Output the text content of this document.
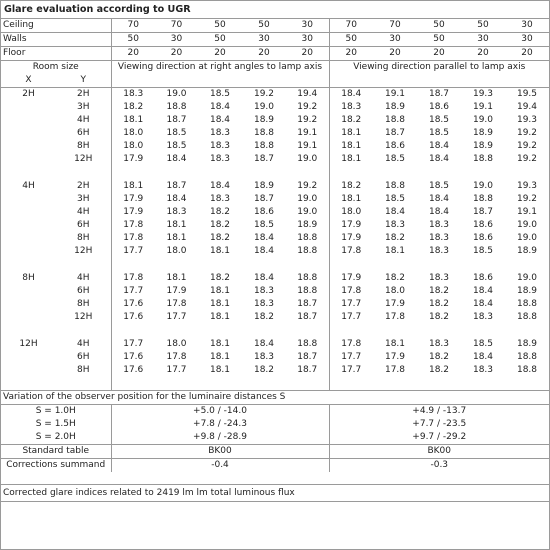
Glare evaluation according to UGR
Ceiling		70	70	50	50	30	70	70	50	50	30
Walls		50	30	50	30	30	50	30	50	30	30
Floor		20	20	20	20	20	20	20	20	20	20
Room size		Viewing direction at right angles to lamp axis					Viewing direction parallel to lamp axis				
X	Y										
2H	2H	18.3	19.0	18.5	19.2	19.4	18.4	19.1	18.7	19.3	19.5
	3H	18.2	18.8	18.4	19.0	19.2	18.3	18.9	18.6	19.1	19.4
	4H	18.1	18.7	18.4	18.9	19.2	18.2	18.8	18.5	19.0	19.3
	6H	18.0	18.5	18.3	18.8	19.1	18.1	18.7	18.5	18.9	19.2
	8H	18.0	18.5	18.3	18.8	19.1	18.1	18.6	18.4	18.9	19.2
	12H	17.9	18.4	18.3	18.7	19.0	18.1	18.5	18.4	18.8	19.2

4H	2H	18.1	18.7	18.4	18.9	19.2	18.2	18.8	18.5	19.0	19.3
	3H	17.9	18.4	18.3	18.7	19.0	18.1	18.5	18.4	18.8	19.2
	4H	17.9	18.3	18.2	18.6	19.0	18.0	18.4	18.4	18.7	19.1
	6H	17.8	18.1	18.2	18.5	18.9	17.9	18.3	18.3	18.6	19.0
	8H	17.8	18.1	18.2	18.4	18.8	17.9	18.2	18.3	18.6	19.0
	12H	17.7	18.0	18.1	18.4	18.8	17.8	18.1	18.3	18.5	18.9

8H	4H	17.8	18.1	18.2	18.4	18.8	17.9	18.2	18.3	18.6	19.0
	6H	17.7	17.9	18.1	18.3	18.8	17.8	18.0	18.2	18.4	18.9
	8H	17.6	17.8	18.1	18.3	18.7	17.7	17.9	18.2	18.4	18.8
	12H	17.6	17.7	18.1	18.2	18.7	17.7	17.8	18.2	18.3	18.8

12H	4H	17.7	18.0	18.1	18.4	18.8	17.8	18.1	18.3	18.5	18.9
	6H	17.6	17.8	18.1	18.3	18.7	17.7	17.9	18.2	18.4	18.8
	8H	17.6	17.7	18.1	18.2	18.7	17.7	17.8	18.2	18.3	18.8

Variation of the observer position for the luminaire distances S											
S = 1.0H		+5.0 / -14.0					+4.9 / -13.7				
S = 1.5H		+7.8 / -24.3					+7.7 / -23.5				
S = 2.0H		+9.8 / -28.9					+9.7 / -29.2				
Standard table		BK00					BK00				
Corrections summand		-0.4					-0.3				
Corrected glare indices related to 2419 lm lm total luminous flux
